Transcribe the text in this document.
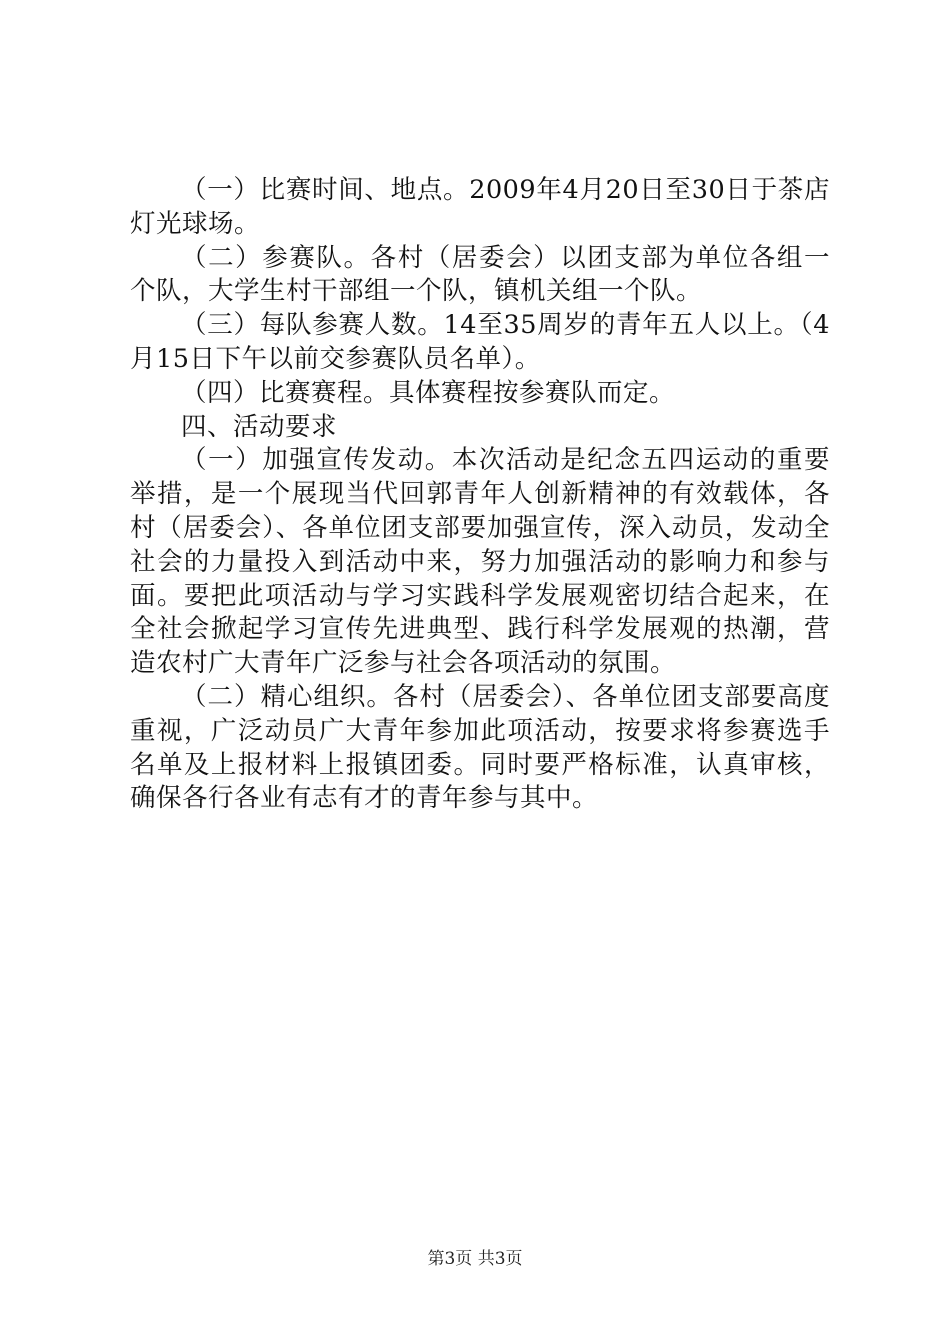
（一）比赛时间、地点。2009年4月20日至30日于茶店灯光球场。

（二）参赛队。各村（居委会）以团支部为单位各组一个队，大学生村干部组一个队，镇机关组一个队。

（三）每队参赛人数。14至35周岁的青年五人以上。（4月15日下午以前交参赛队员名单）。

（四）比赛赛程。具体赛程按参赛队而定。

四、活动要求

（一）加强宣传发动。本次活动是纪念五四运动的重要举措，是一个展现当代回郭青年人创新精神的有效载体，各村（居委会）、各单位团支部要加强宣传，深入动员，发动全社会的力量投入到活动中来，努力加强活动的影响力和参与面。要把此项活动与学习实践科学发展观密切结合起来，在全社会掀起学习宣传先进典型、践行科学发展观的热潮，营造农村广大青年广泛参与社会各项活动的氛围。

（二）精心组织。各村（居委会）、各单位团支部要高度重视，广泛动员广大青年参加此项活动，按要求将参赛选手名单及上报材料上报镇团委。同时要严格标准，认真审核，确保各行各业有志有才的青年参与其中。

第3页 共3页
